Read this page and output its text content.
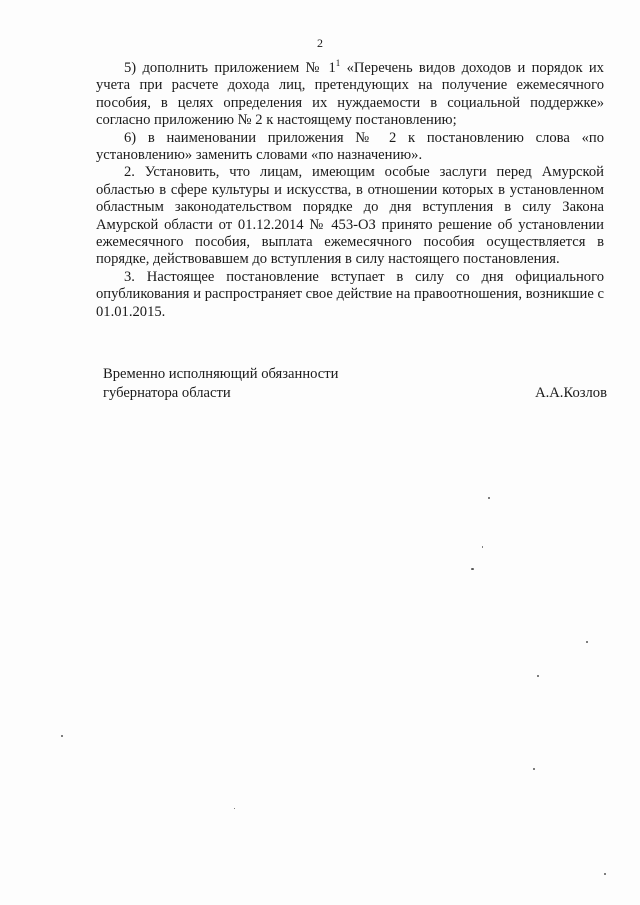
2

5) дополнить приложением № $1^1$ «Перечень видов доходов и порядок их учета при расчете дохода лиц, претендующих на получение ежемесячного пособия, в целях определения их нуждаемости в социальной поддержке» согласно приложению № 2 к настоящему постановлению;

6) в наименовании приложения № 2 к постановлению слова «по установлению» заменить словами «по назначению».

2. Установить, что лицам, имеющим особые заслуги перед Амурской областью в сфере культуры и искусства, в отношении которых в установленном областным законодательством порядке до дня вступления в силу Закона Амурской области от 01.12.2014 № 453-ОЗ принято решение об установлении ежемесячного пособия, выплата ежемесячного пособия осуществляется в порядке, действовавшем до вступления в силу настоящего постановления.

3. Настоящее постановление вступает в силу со дня официального опубликования и распространяет свое действие на правоотношения, возникшие с 01.01.2015.

Временно исполняющий обязанности
губернатора области	А.А.Козлов
